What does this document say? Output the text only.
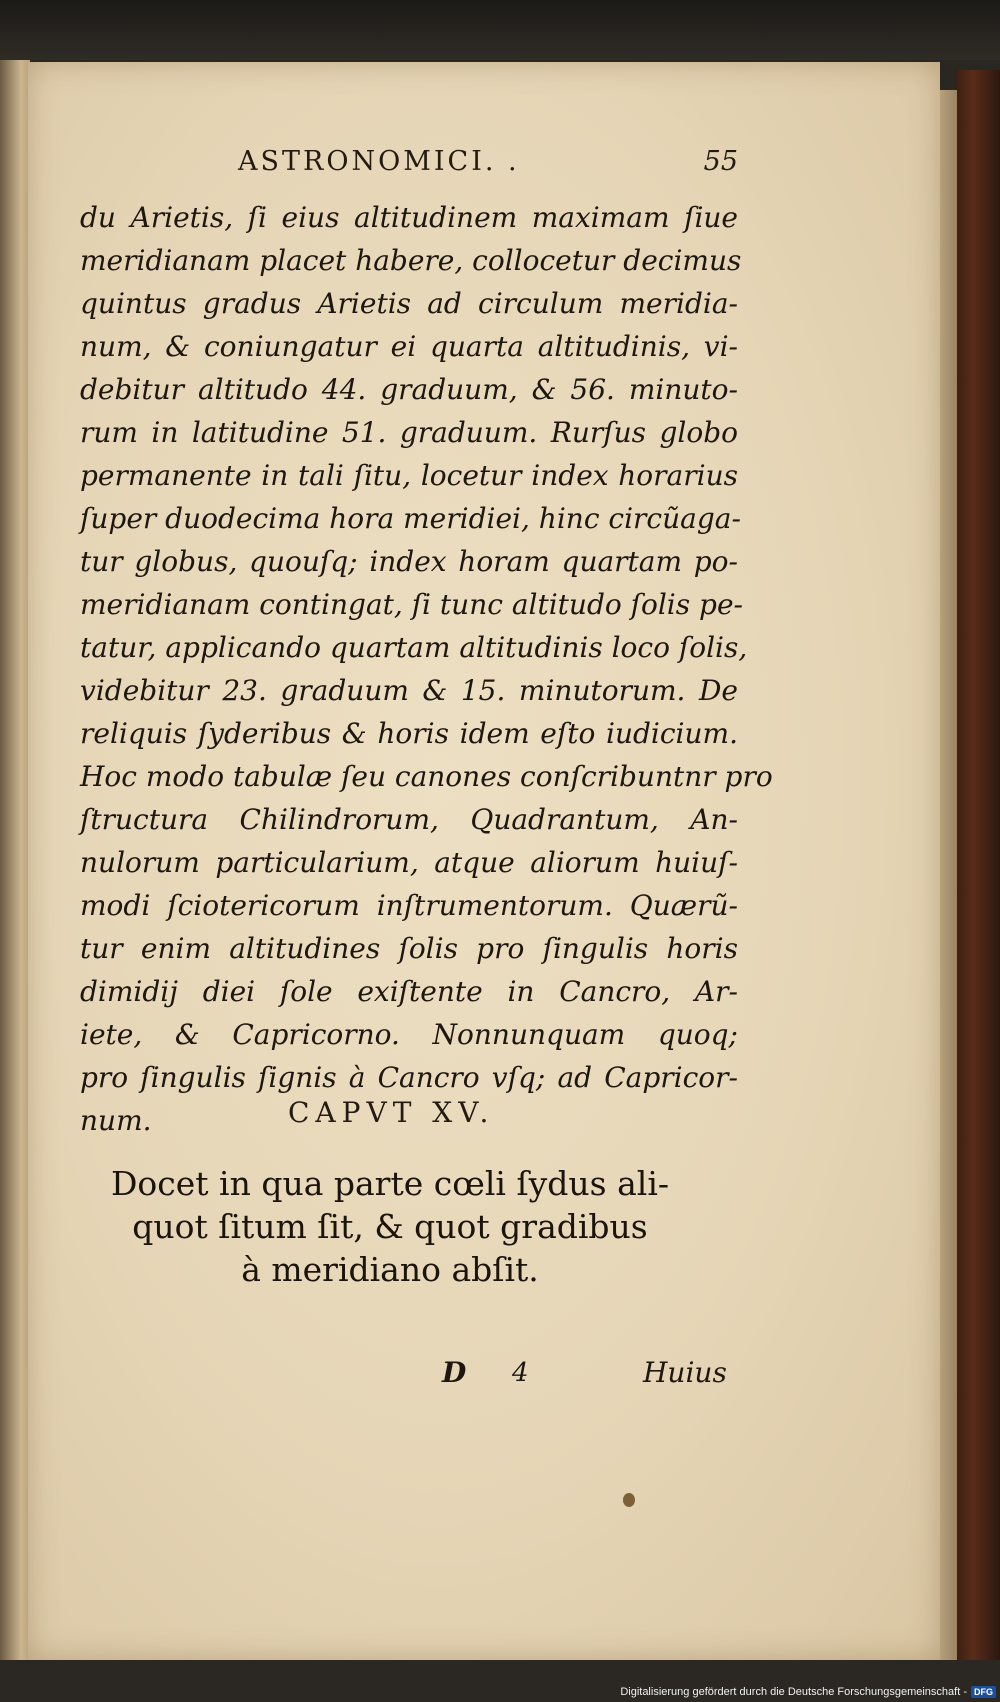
ASTRONOMICI. .	55
du Arietis, ſi eius altitudinem maximam ſiue
meridianam placet habere, collocetur decimus
quintus gradus Arietis ad circulum meridia-
num, & coniungatur ei quarta altitudinis, vi-
debitur altitudo 44. graduum, & 56. minuto-
rum in latitudine 51. graduum. Rurſus globo
permanente in tali ſitu, locetur index horarius
ſuper duodecima hora meridiei, hinc circũaga-
tur globus, quouſq; index horam quartam po-
meridianam contingat, ſi tunc altitudo ſolis pe-
tatur, applicando quartam altitudinis loco ſolis,
videbitur 23. graduum & 15. minutorum. De
reliquis ſyderibus & horis idem eſto iudicium.
Hoc modo tabulæ ſeu canones conſcribuntnr pro
ſtructura Chilindrorum, Quadrantum, An-
nulorum particularium, atque aliorum huiuſ-
modi ſciotericorum inſtrumentorum. Quærũ-
tur enim altitudines ſolis pro ſingulis horis
dimidij diei ſole exiſtente in Cancro, Ar-
iete, & Capricorno. Nonnunquam quoq;
pro ſingulis ſignis à Cancro vſq; ad Capricor-
num.	CAPVT XV.
Docet in qua parte cœli ſydus ali-
quot ſitum ſit, & quot gradibus
à meridiano abſit.
D 4	Huius
Digitalisierung gefördert durch die Deutsche Forschungsgemeinschaft - DFG
